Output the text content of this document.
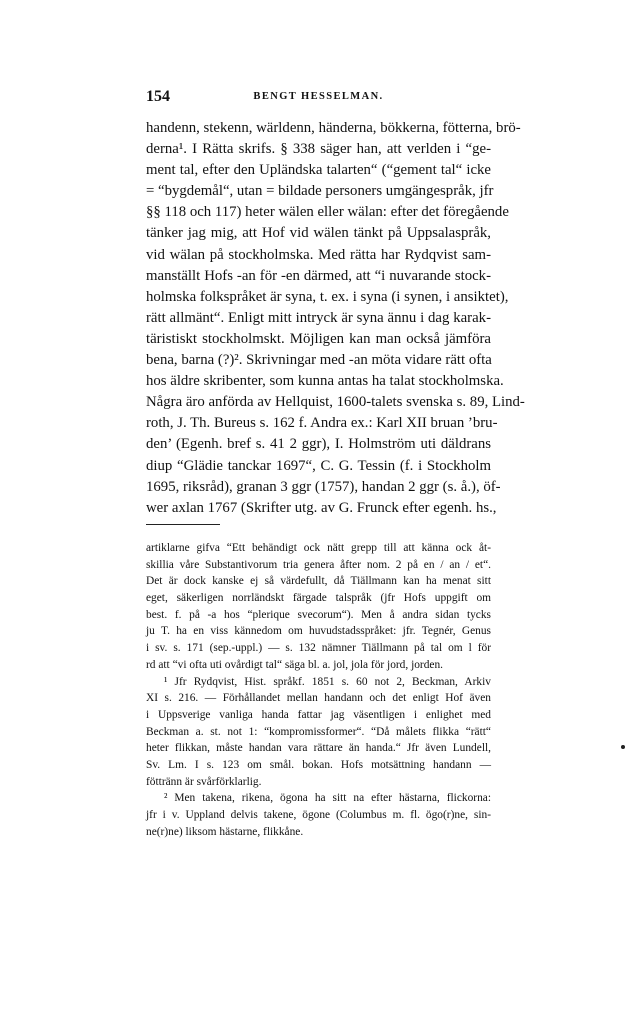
154	BENGT HESSELMAN.
handenn, stekenn, wärldenn, händerna, bökkerna, fötterna, brö-
derna¹. I Rätta skrifs. § 338 säger han, att verlden i “ge-
ment tal, efter den Upländska talarten“ (“gement tal“ icke
= “bygdemål“, utan = bildade personers umgängespråk, jfr
§§ 118 och 117) heter wälen eller wälan: efter det föregående
tänker jag mig, att Hof vid wälen tänkt på Uppsalaspråk,
vid wälan på stockholmska. Med rätta har Rydqvist sam-
manställt Hofs -an för -en därmed, att “i nuvarande stock-
holmska folkspråket är syna, t. ex. i syna (i synen, i ansiktet),
rätt allmänt“. Enligt mitt intryck är syna ännu i dag karak-
täristiskt stockholmskt. Möjligen kan man också jämföra
bena, barna (?)². Skrivningar med -an möta vidare rätt ofta
hos äldre skribenter, som kunna antas ha talat stockholmska.
Några äro anförda av Hellquist, 1600-talets svenska s. 89, Lind-
roth, J. Th. Bureus s. 162 f. Andra ex.: Karl XII bruan ’bru-
den’ (Egenh. bref s. 41 2 ggr), I. Holmström uti däldrans
diup “Glädie tanckar 1697“, C. G. Tessin (f. i Stockholm
1695, riksråd), granan 3 ggr (1757), handan 2 ggr (s. å.), öf-
wer axlan 1767 (Skrifter utg. av G. Frunck efter egenh. hs.,
artiklarne gifva “Ett behändigt ock nätt grepp till att känna ock åt-
skillia våre Substantivorum tria genera åfter nom. 2 på en / an / et“.
Det är dock kanske ej så värdefullt, då Tiällmann kan ha menat sitt
eget, säkerligen norrländskt färgade talspråk (jfr Hofs uppgift om
best. f. på -a hos “plerique svecorum“). Men å andra sidan tycks
ju T. ha en viss kännedom om huvudstadsspråket: jfr. Tegnér, Genus
i sv. s. 171 (sep.-uppl.) — s. 132 nämner Tiällmann på tal om l för
rd att “vi ofta uti ovårdigt tal“ säga bl. a. jol, jola för jord, jorden.
¹ Jfr Rydqvist, Hist. språkf. 1851 s. 60 not 2, Beckman, Arkiv
XI s. 216. — Förhållandet mellan handann och det enligt Hof även
i Uppsverige vanliga handa fattar jag väsentligen i enlighet med
Beckman a. st. not 1: “kompromissformer“. “Då målets flikka “rätt“
heter flikkan, måste handan vara rättare än handa.“ Jfr även Lundell,
Sv. Lm. I s. 123 om smål. bokan. Hofs motsättning handann —
föttränn är svårförklarlig.
² Men takena, rikena, ögona ha sitt na efter hästarna, flickorna:
jfr i v. Uppland delvis takene, ögone (Columbus m. fl. ögo(r)ne, sin-
ne(r)ne) liksom hästarne, flikkåne.
